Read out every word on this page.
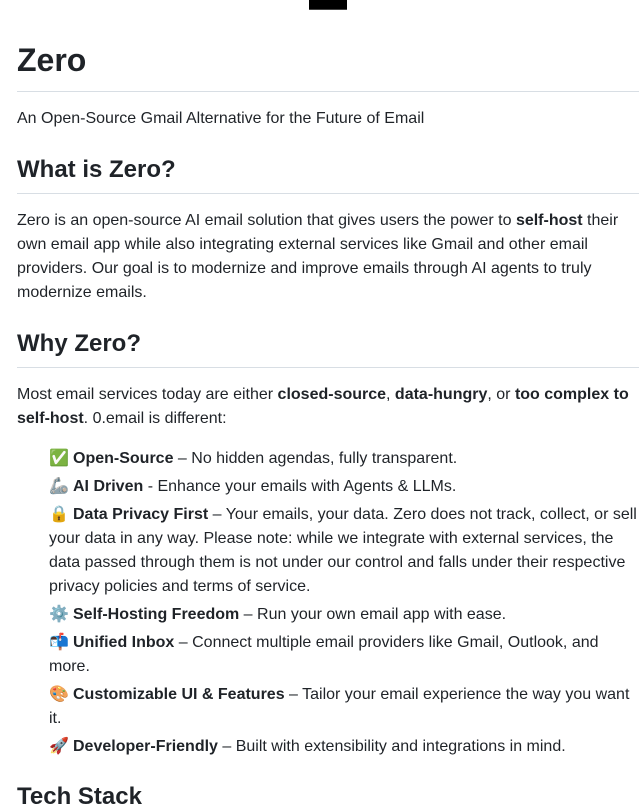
Zero

An Open-Source Gmail Alternative for the Future of Email

What is Zero?

Zero is an open-source AI email solution that gives users the power to self-host their own email app while also integrating external services like Gmail and other email providers. Our goal is to modernize and improve emails through AI agents to truly modernize emails.

Why Zero?

Most email services today are either closed-source, data-hungry, or too complex to self-host. 0.email is different:

✅ Open-Source – No hidden agendas, fully transparent.
🦾 AI Driven - Enhance your emails with Agents & LLMs.
🔒 Data Privacy First – Your emails, your data. Zero does not track, collect, or sell your data in any way. Please note: while we integrate with external services, the data passed through them is not under our control and falls under their respective privacy policies and terms of service.
⚙️ Self-Hosting Freedom – Run your own email app with ease.
📬 Unified Inbox – Connect multiple email providers like Gmail, Outlook, and more.
🎨 Customizable UI & Features – Tailor your email experience the way you want it.
🚀 Developer-Friendly – Built with extensibility and integrations in mind.
Tech Stack
